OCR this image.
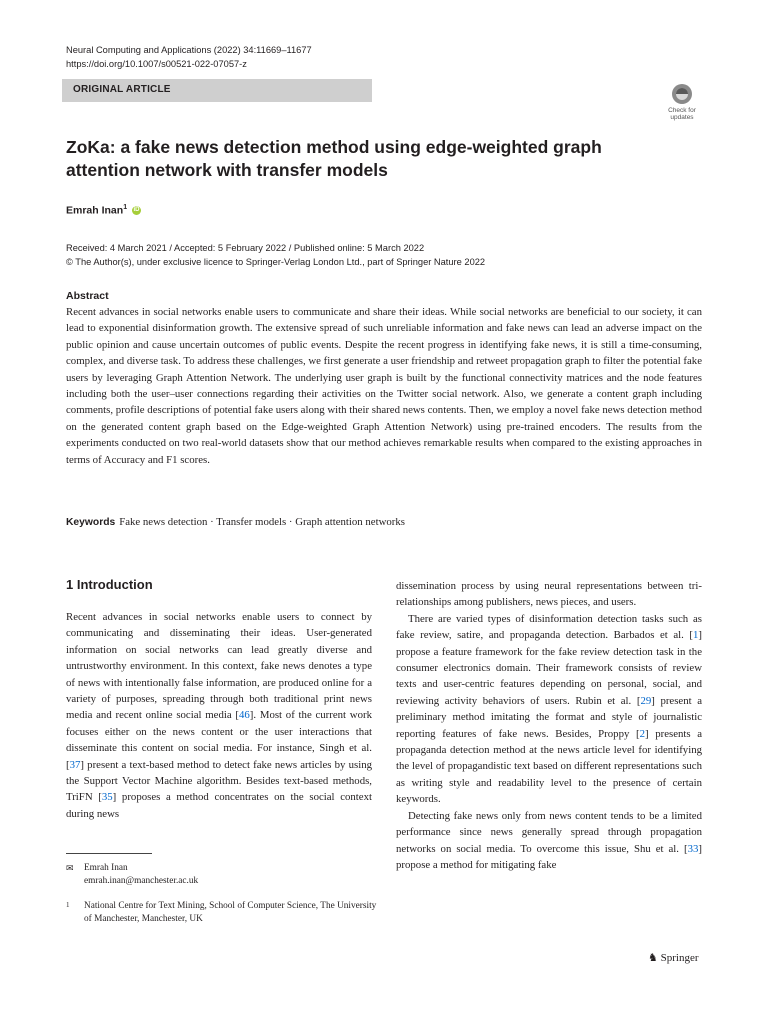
Neural Computing and Applications (2022) 34:11669–11677
https://doi.org/10.1007/s00521-022-07057-z
ORIGINAL ARTICLE
Check for updates
ZoKa: a fake news detection method using edge-weighted graph attention network with transfer models
Emrah Inan$^1$ iD
Received: 4 March 2021 / Accepted: 5 February 2022 / Published online: 5 March 2022
© The Author(s), under exclusive licence to Springer-Verlag London Ltd., part of Springer Nature 2022
Abstract
Recent advances in social networks enable users to communicate and share their ideas. While social networks are beneficial to our society, it can lead to exponential disinformation growth. The extensive spread of such unreliable information and fake news can lead an adverse impact on the public opinion and cause uncertain outcomes of public events. Despite the recent progress in identifying fake news, it is still a time-consuming, complex, and diverse task. To address these challenges, we first generate a user friendship and retweet propagation graph to filter the potential fake users by leveraging Graph Attention Network. The underlying user graph is built by the functional connectivity matrices and the node features including both the user–user connections regarding their activities on the Twitter social network. Also, we generate a content graph including comments, profile descriptions of potential fake users along with their shared news contents. Then, we employ a novel fake news detection method on the generated content graph based on the Edge-weighted Graph Attention Network) using pre-trained encoders. The results from the experiments conducted on two real-world datasets show that our method achieves remarkable results when compared to the existing approaches in terms of Accuracy and F1 scores.
Keywords Fake news detection · Transfer models · Graph attention networks
1 Introduction

Recent advances in social networks enable users to connect by communicating and disseminating their ideas. User-generated information on social networks can lead greatly diverse and untrustworthy environment. In this context, fake news denotes a type of news with intentionally false information, are produced online for a variety of purposes, spreading through both traditional print news media and recent online social media [46]. Most of the current work focuses either on the news content or the user interactions that disseminate this content on social media. For instance, Singh et al. [37] present a text-based method to detect fake news articles by using the Support Vector Machine algorithm. Besides text-based methods, TriFN [35] proposes a method concentrates on the social context during news

dissemination process by using neural representations between tri-relationships among publishers, news pieces, and users.

There are varied types of disinformation detection tasks such as fake review, satire, and propaganda detection. Barbados et al. [1] propose a feature framework for the fake review detection task in the consumer electronics domain. Their framework consists of review texts and user-centric features depending on personal, social, and reviewing activity behaviors of users. Rubin et al. [29] present a preliminary method imitating the format and style of journalistic reporting features of fake news. Besides, Proppy [2] presents a propaganda detection method at the news article level for identifying the level of propagandistic text based on different representations such as writing style and readability level to the presence of certain keywords.

Detecting fake news only from news content tends to be a limited performance since news generally spread through propagation networks on social media. To overcome this issue, Shu et al. [33] propose a method for mitigating fake

✉ Emrah Inan
emrah.inan@manchester.ac.uk
1 National Centre for Text Mining, School of Computer Science, The University of Manchester, Manchester, UK
♞ Springer
